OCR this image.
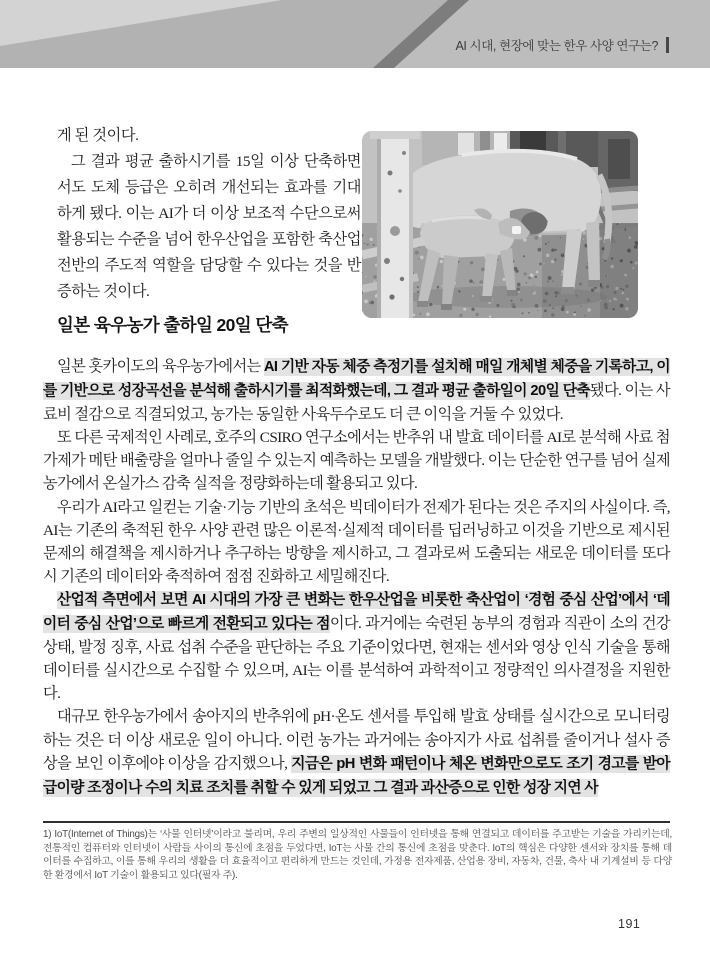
AI 시대, 현장에 맞는 한우 사양 연구는?

게 된 것이다.

그 결과 평균 출하시기를 15일 이상 단축하면서도 도체 등급은 오히려 개선되는 효과를 기대하게 됐다. 이는 AI가 더 이상 보조적 수단으로써 활용되는 수준을 넘어 한우산업을 포함한 축산업 전반의 주도적 역할을 담당할 수 있다는 것을 반증하는 것이다.

일본 육우농가 출하일 20일 단축

일본 홋카이도의 육우농가에서는 AI 기반 자동 체중 측정기를 설치해 매일 개체별 체중을 기록하고, 이를 기반으로 성장곡선을 분석해 출하시기를 최적화했는데, 그 결과 평균 출하일이 20일 단축됐다. 이는 사료비 절감으로 직결되었고, 농가는 동일한 사육두수로도 더 큰 이익을 거둘 수 있었다.

또 다른 국제적인 사례로, 호주의 CSIRO 연구소에서는 반추위 내 발효 데이터를 AI로 분석해 사료 첨가제가 메탄 배출량을 얼마나 줄일 수 있는지 예측하는 모델을 개발했다. 이는 단순한 연구를 넘어 실제 농가에서 온실가스 감축 실적을 정량화하는데 활용되고 있다.

우리가 AI라고 일컫는 기술·기능 기반의 초석은 빅데이터가 전제가 된다는 것은 주지의 사실이다. 즉, AI는 기존의 축적된 한우 사양 관련 많은 이론적·실제적 데이터를 딥러닝하고 이것을 기반으로 제시된 문제의 해결책을 제시하거나 추구하는 방향을 제시하고, 그 결과로써 도출되는 새로운 데이터를 또다시 기존의 데이터와 축적하여 점점 진화하고 세밀해진다.

산업적 측면에서 보면 AI 시대의 가장 큰 변화는 한우산업을 비롯한 축산업이 ‘경험 중심 산업’에서 ‘데이터 중심 산업’으로 빠르게 전환되고 있다는 점이다. 과거에는 숙련된 농부의 경험과 직관이 소의 건강 상태, 발정 징후, 사료 섭취 수준을 판단하는 주요 기준이었다면, 현재는 센서와 영상 인식 기술을 통해 데이터를 실시간으로 수집할 수 있으며, AI는 이를 분석하여 과학적이고 정량적인 의사결정을 지원한다.

대규모 한우농가에서 송아지의 반추위에 pH·온도 센서를 투입해 발효 상태를 실시간으로 모니터링하는 것은 더 이상 새로운 일이 아니다. 이런 농가는 과거에는 송아지가 사료 섭취를 줄이거나 설사 증상을 보인 이후에야 이상을 감지했으나, 지금은 pH 변화 패턴이나 체온 변화만으로도 조기 경고를 받아 급이량 조정이나 수의 치료 조치를 취할 수 있게 되었고 그 결과 과산증으로 인한 성장 지연 사

1) IoT(Internet of Things)는 ‘사물 인터넷’이라고 불리며, 우리 주변의 일상적인 사물들이 인터넷을 통해 연결되고 데이터를 주고받는 기술을 가리키는데, 전통적인 컴퓨터와 인터넷이 사람들 사이의 통신에 초점을 두었다면, IoT는 사물 간의 통신에 초점을 맞춘다. IoT의 핵심은 다양한 센서와 장치를 통해 데이터를 수집하고, 이를 통해 우리의 생활을 더 효율적이고 편리하게 만드는 것인데, 가정용 전자제품, 산업용 장비, 자동차, 건물, 축사 내 기계설비 등 다양한 환경에서 IoT 기술이 활용되고 있다(필자 주).

191
